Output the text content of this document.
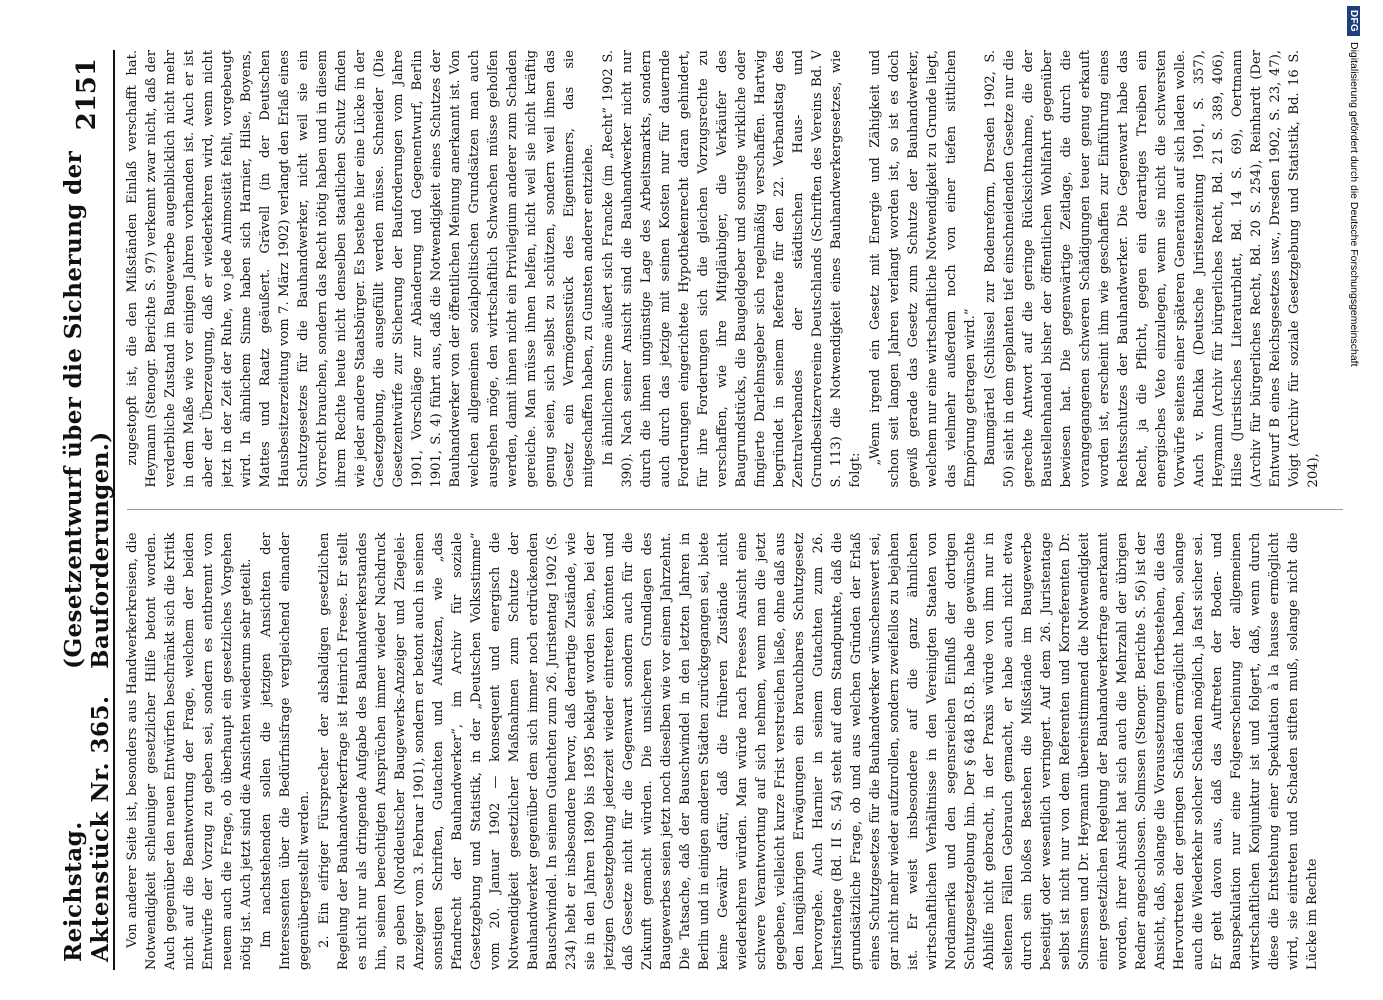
Reichstag. Aktenstück Nr. 365.
(Gesetzentwurf über die Sicherung der Bauforderungen.)
2151

Von anderer Seite ist, besonders aus Handwerkerkreisen, die Notwendigkeit schleuniger gesetzlicher Hilfe betont worden. Auch gegenüber den neuen Entwürfen beschränkt sich die Kritik nicht auf die Beantwortung der Frage, welchem der beiden Entwürfe der Vorzug zu geben sei, sondern es entbrennt von neuem auch die Frage, ob überhaupt ein gesetzliches Vorgehen nötig ist. Auch jetzt sind die Ansichten wiederum sehr geteilt. Im nachstehenden sollen die jetzigen Ansichten der Interessenten über die Bedürfnisfrage vergleichend einander gegenübergestellt werden. 2. Ein eifriger Fürsprecher der alsbaldigen gesetzlichen Regelung der Bauhandwerkerfrage ist Heinrich Freese. Er stellt es nicht nur als dringende Aufgabe des Bauhandwerkerstandes hin, seinen berechtigten Ansprüchen immer wieder Nachdruck zu geben (Norddeutscher Baugewerks-Anzeiger und Ziegelei-Anzeiger vom 3. Februar 1901), sondern er betont auch in seinen sonstigen Schriften, Gutachten und Aufsätzen, wie „das Pfandrecht der Bauhandwerker“, im Archiv für soziale Gesetzgebung und Statistik, in der „Deutschen Volksstimme“ vom 20. Januar 1902 — konsequent und energisch die Notwendigkeit gesetzlicher Maßnahmen zum Schutze der Bauhandwerker gegenüber dem sich immer noch erdrückenden Bauschwindel. In seinem Gutachten zum 26. Juristentag 1902 (S. 234) hebt er insbesondere hervor, daß derartige Zustände, wie sie in den Jahren 1890 bis 1895 beklagt worden seien, bei der jetzigen Gesetzgebung jederzeit wieder eintreten könnten und daß Gesetze nicht für die Gegenwart sondern auch für die Zukunft gemacht würden. Die unsicheren Grundlagen des Baugewerbes seien jetzt noch dieselben wie vor einem Jahrzehnt. Die Tatsache, daß der Bauschwindel in den letzten Jahren in Berlin und in einigen anderen Städten zurückgegangen sei, biete keine Gewähr dafür, daß die früheren Zustände nicht wiederkehren würden. Man würde nach Freeses Ansicht eine schwere Verantwortung auf sich nehmen, wenn man die jetzt gegebene, vielleicht kurze Frist verstreichen ließe, ohne daß aus den langjährigen Erwägungen ein brauchbares Schutzgesetz hervorgehe. Auch Harnier in seinem Gutachten zum 26. Juristentage (Bd. II S. 54) steht auf dem Standpunkte, daß die grundsätzliche Frage, ob und aus welchen Gründen der Erlaß eines Schutzgesetzes für die Bauhandwerker wünschenswert sei, gar nicht mehr wieder aufzurollen, sondern zweifellos zu bejahen ist. Er weist insbesondere auf die ganz ähnlichen wirtschaftlichen Verhältnisse in den Vereinigten Staaten von Nordamerika und den segensreichen Einfluß der dortigen Schutzgesetzgebung hin. Der § 648 B.G.B. habe die gewünschte Abhilfe nicht gebracht, in der Praxis würde von ihm nur in seltenen Fällen Gebrauch gemacht, er habe auch nicht etwa durch sein bloßes Bestehen die Mißstände im Baugewerbe beseitigt oder wesentlich verringert. Auf dem 26. Juristentage selbst ist nicht nur von dem Referenten und Korreferenten Dr. Solmssen und Dr. Heymann übereinstimmend die Notwendigkeit einer gesetzlichen Regelung der Bauhandwerkerfrage anerkannt worden, ihrer Ansicht hat sich auch die Mehrzahl der übrigen Redner angeschlossen. Solmssen (Stenogr. Berichte S. 56) ist der Ansicht, daß, solange die Voraussetzungen fortbestehen, die das Hervortreten der geringen Schäden ermöglicht haben, solange auch die Wiederkehr solcher Schäden möglich, ja fast sicher sei. Er geht davon aus, daß das Auftreten der Boden- und Bauspekulation nur eine Folgeerscheinung der allgemeinen wirtschaftlichen Konjunktur ist und folgert, daß, wenn durch diese die Entstehung einer Spekulation à la hausse ermöglicht wird, sie eintreten und Schaden stiften muß, solange nicht die Lücke im Rechte

zugestopft ist, die den Mißständen Einlaß verschafft hat. Heymann (Stenogr. Berichte S. 97) verkennt zwar nicht, daß der verderbliche Zustand im Baugewerbe augenblicklich nicht mehr in dem Maße wie vor einigen Jahren vorhanden ist. Auch er ist aber der Überzeugung, daß er wiederkehren wird, wenn nicht jetzt in der Zeit der Ruhe, wo jede Animosität fehlt, vorgebeugt wird. In ähnlichem Sinne haben sich Harnier, Hilse, Boyens, Mattes und Raatz geäußert. Grävell (in der Deutschen Hausbesitzerzeitung vom 7. März 1902) verlangt den Erlaß eines Schutzgesetzes für die Bauhandwerker, nicht weil sie ein Vorrecht brauchen, sondern das Recht nötig haben und in diesem ihrem Rechte heute nicht denselben staatlichen Schutz finden wie jeder andere Staatsbürger. Es bestehe hier eine Lücke in der Gesetzgebung, die ausgefüllt werden müsse. Schneider (Die Gesetzentwürfe zur Sicherung der Bauforderungen vom Jahre 1901, Vorschläge zur Abänderung und Gegenentwurf, Berlin 1901, S. 4) führt aus, daß die Notwendigkeit eines Schutzes der Bauhandwerker von der öffentlichen Meinung anerkannt ist. Von welchen allgemeinen sozialpolitischen Grundsätzen man auch ausgehen möge, den wirtschaftlich Schwachen müsse geholfen werden, damit ihnen nicht ein Privilegium anderer zum Schaden gereiche. Man müsse ihnen helfen, nicht weil sie nicht kräftig genug seien, sich selbst zu schützen, sondern weil ihnen das Gesetz ein Vermögensstück des Eigentümers, das sie mitgeschaffen haben, zu Gunsten anderer entziehe. In ähnlichem Sinne äußert sich Francke (im „Recht“ 1902 S. 390). Nach seiner Ansicht sind die Bauhandwerker nicht nur durch die ihnen ungünstige Lage des Arbeitsmarkts, sondern auch durch das jetzige mit seinen Kosten nur für dauernde Forderungen eingerichtete Hypothekenrecht daran gehindert, für ihre Forderungen sich die gleichen Vorzugsrechte zu verschaffen, wie ihre Mitgläubiger, die Verkäufer des Baugrundstücks, die Baugeldgeber und sonstige wirkliche oder fingierte Darlehnsgeber sich regelmäßig verschaffen. Hartwig begründet in seinem Referate für den 22. Verbandstag des Zentralverbandes der städtischen Haus- und Grundbesitzervereine Deutschlands (Schriften des Vereins Bd. V S. 113) die Notwendigkeit eines Bauhandwerkergesetzes, wie folgt:

„Wenn irgend ein Gesetz mit Energie und Zähigkeit und schon seit langen Jahren verlangt worden ist, so ist es doch gewiß gerade das Gesetz zum Schutze der Bauhandwerker, welchem nur eine wirtschaftliche Notwendigkeit zu Grunde liegt, das vielmehr außerdem noch von einer tiefen sittlichen Empörung getragen wird.“ Baumgärtel (Schlüssel zur Bodenreform, Dresden 1902, S. 50) sieht in dem geplanten tief einschneidenden Gesetze nur die gerechte Antwort auf die geringe Rücksichtnahme, die der Baustellenhandel bisher der öffentlichen Wohlfahrt gegenüber bewiesen hat. Die gegenwärtige Zeitlage, die durch die vorangegangenen schweren Schädigungen teuer genug erkauft worden ist, erscheint ihm wie geschaffen zur Einführung eines Rechtsschutzes der Bauhandwerker. Die Gegenwart habe das Recht, ja die Pflicht, gegen ein derartiges Treiben ein energisches Veto einzulegen, wenn sie nicht die schwersten Vorwürfe seitens einer späteren Generation auf sich laden wolle. Auch v. Buchka (Deutsche Juristenzeitung 1901, S. 357), Heymann (Archiv für bürgerliches Recht, Bd. 21 S. 389, 406), Hilse (Juristisches Literaturblatt, Bd. 14 S. 69), Oertmann (Archiv für bürgerliches Recht, Bd. 20 S. 254), Reinhardt (Der Entwurf B eines Reichsgesetzes usw., Dresden 1902, S. 23, 47), Voigt (Archiv für soziale Gesetzgebung und Statistik, Bd. 16 S. 204),

DFG
Digitalisierung gefördert durch die Deutsche Forschungsgemeinschaft
